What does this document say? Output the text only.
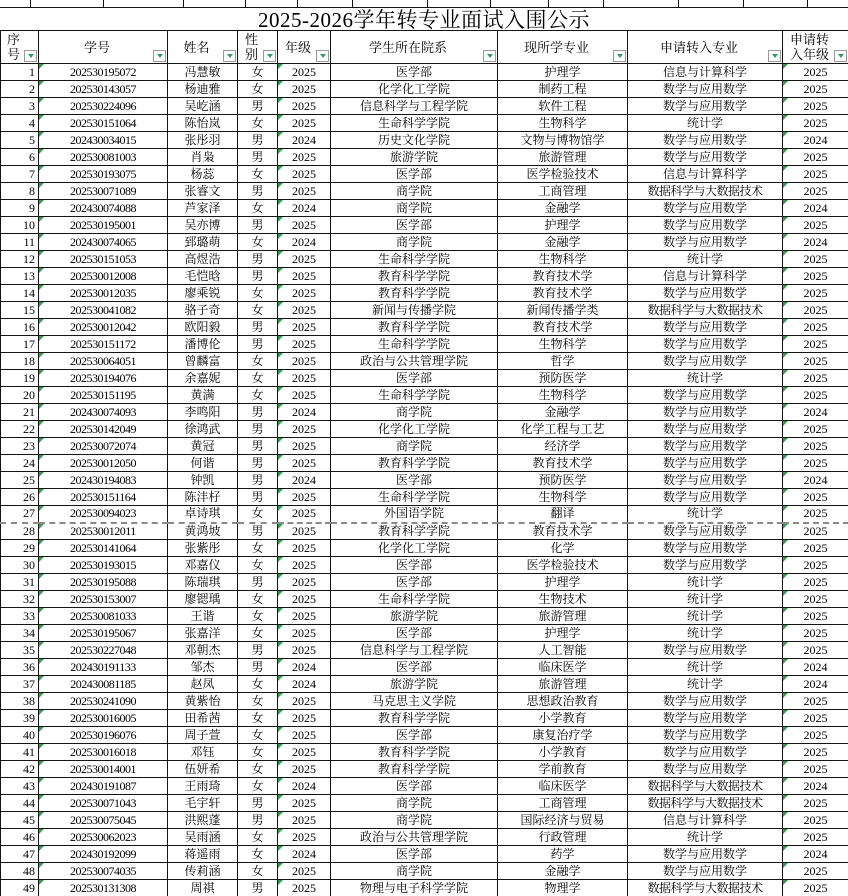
2025-2026学年转专业面试入围公示
序号	学号	姓名	性别	年级	学生所在院系	现所学专业	申请转入专业	申请转入年级

1	202530195072	冯慧敏	女	2025	医学部	护理学	信息与计算科学	2025
2	202530143057	杨迪雅	女	2025	化学化工学院	制药工程	数学与应用数学	2025
3	202530224096	吴屹涵	男	2025	信息科学与工程学院	软件工程	数学与应用数学	2025
4	202530151064	陈怡岚	女	2025	生命科学学院	生物科学	统计学	2025
5	202430034015	张彤羽	男	2024	历史文化学院	文物与博物馆学	数学与应用数学	2024
6	202530081003	肖枭	男	2025	旅游学院	旅游管理	数学与应用数学	2025
7	202530193075	杨蕊	女	2025	医学部	医学检验技术	信息与计算科学	2025
8	202530071089	张睿文	男	2025	商学院	工商管理	数据科学与大数据技术	2025
9	202430074088	芦家泽	女	2024	商学院	金融学	数学与应用数学	2024
10	202530195001	吴亦博	男	2025	医学部	护理学	数学与应用数学	2025
11	202430074065	郅璐萌	女	2024	商学院	金融学	数学与应用数学	2024
12	202530151053	高煜浩	男	2025	生命科学学院	生物科学	统计学	2025
13	202530012008	毛恺晗	男	2025	教育科学学院	教育技术学	信息与计算科学	2025
14	202530012035	廖乘锐	女	2025	教育科学学院	教育技术学	数学与应用数学	2025
15	202530041082	骆子奇	女	2025	新闻与传播学院	新闻传播学类	数据科学与大数据技术	2025
16	202530012042	欧阳毅	男	2025	教育科学学院	教育技术学	数学与应用数学	2025
17	202530151172	潘博伦	男	2025	生命科学学院	生物科学	数学与应用数学	2025
18	202530064051	曾麟富	女	2025	政治与公共管理学院	哲学	数学与应用数学	2025
19	202530194076	余嘉妮	女	2025	医学部	预防医学	统计学	2025
20	202530151195	黄满	女	2025	生命科学学院	生物科学	数学与应用数学	2025
21	202430074093	李鸣阳	男	2024	商学院	金融学	数学与应用数学	2024
22	202530142049	徐鸿武	男	2025	化学化工学院	化学工程与工艺	数学与应用数学	2025
23	202530072074	黄冠	男	2025	商学院	经济学	数学与应用数学	2025
24	202530012050	何谐	男	2025	教育科学学院	教育技术学	数学与应用数学	2025
25	202430194083	钟凯	男	2024	医学部	预防医学	数学与应用数学	2024
26	202530151164	陈沣杍	男	2025	生命科学学院	生物科学	数学与应用数学	2025
27	202530094023	卓诗琪	女	2025	外国语学院	翻译	统计学	2025
28	202530012011	黄鸿坡	男	2025	教育科学学院	教育技术学	数学与应用数学	2025
29	202530141064	张紫彤	女	2025	化学化工学院	化学	数学与应用数学	2025
30	202530193015	邓嘉仪	女	2025	医学部	医学检验技术	数学与应用数学	2025
31	202530195088	陈瑞琪	男	2025	医学部	护理学	统计学	2025
32	202530153007	廖锶瑀	女	2025	生命科学学院	生物技术	统计学	2025
33	202530081033	王谐	女	2025	旅游学院	旅游管理	统计学	2025
34	202530195067	张嘉洋	女	2025	医学部	护理学	统计学	2025
35	202530227048	邓朝杰	男	2025	信息科学与工程学院	人工智能	数学与应用数学	2025
36	202430191133	邹杰	男	2024	医学部	临床医学	统计学	2024
37	202430081185	赵凤	女	2024	旅游学院	旅游管理	统计学	2024
38	202530241090	黄紫怡	女	2025	马克思主义学院	思想政治教育	数学与应用数学	2025
39	202530016005	田希茜	女	2025	教育科学学院	小学教育	数学与应用数学	2025
40	202530196076	周子萱	女	2025	医学部	康复治疗学	数学与应用数学	2025
41	202530016018	邓钰	女	2025	教育科学学院	小学教育	数学与应用数学	2025
42	202530014001	伍妍希	女	2025	教育科学学院	学前教育	数学与应用数学	2025
43	202430191087	王雨琦	女	2024	医学部	临床医学	数据科学与大数据技术	2024
44	202530071043	毛宇轩	男	2025	商学院	工商管理	数据科学与大数据技术	2025
45	202530075045	洪熙蓬	男	2025	商学院	国际经济与贸易	信息与计算科学	2025
46	202530062023	吴雨涵	女	2025	政治与公共管理学院	行政管理	统计学	2025
47	202430192099	蒋遥雨	女	2024	医学部	药学	数学与应用数学	2024
48	202530074035	传莉涵	女	2025	商学院	金融学	数学与应用数学	2025
49	202530131308	周祺	男	2025	物理与电子科学学院	物理学	数据科学与大数据技术	2025
